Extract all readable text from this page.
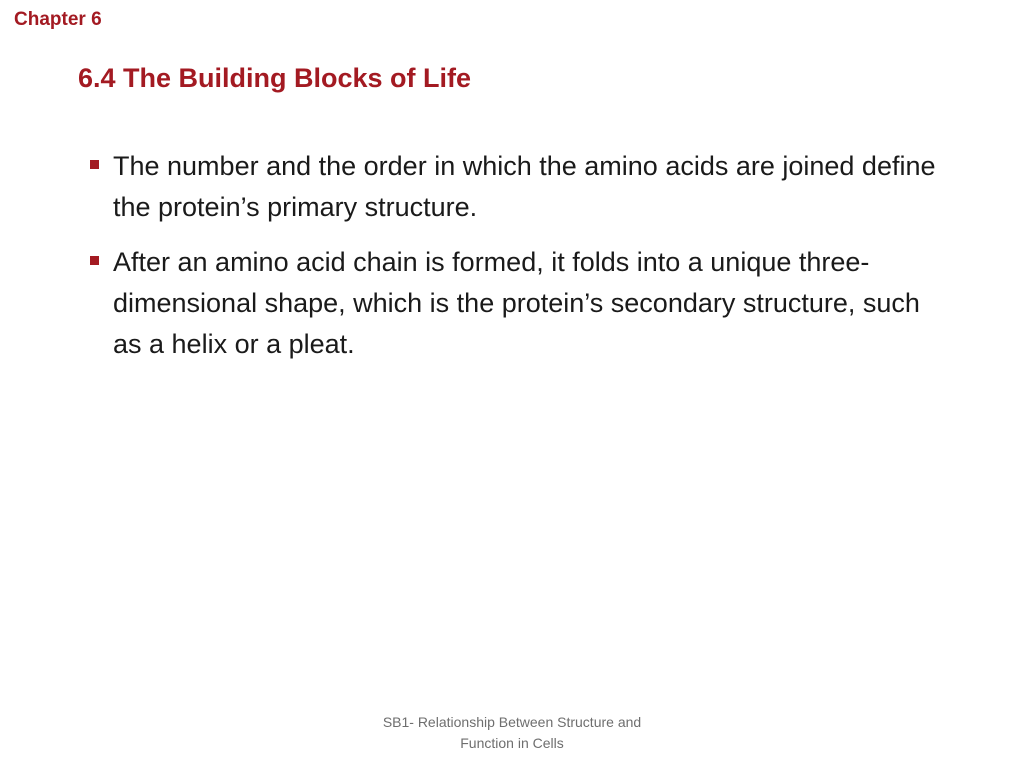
Chapter 6
6.4 The Building Blocks of Life
The number and the order in which the amino acids are joined define the protein’s primary structure.
After an amino acid chain is formed, it folds into a unique three-dimensional shape, which is the protein’s secondary structure, such as a helix or a pleat.
SB1- Relationship Between Structure and
Function in Cells
